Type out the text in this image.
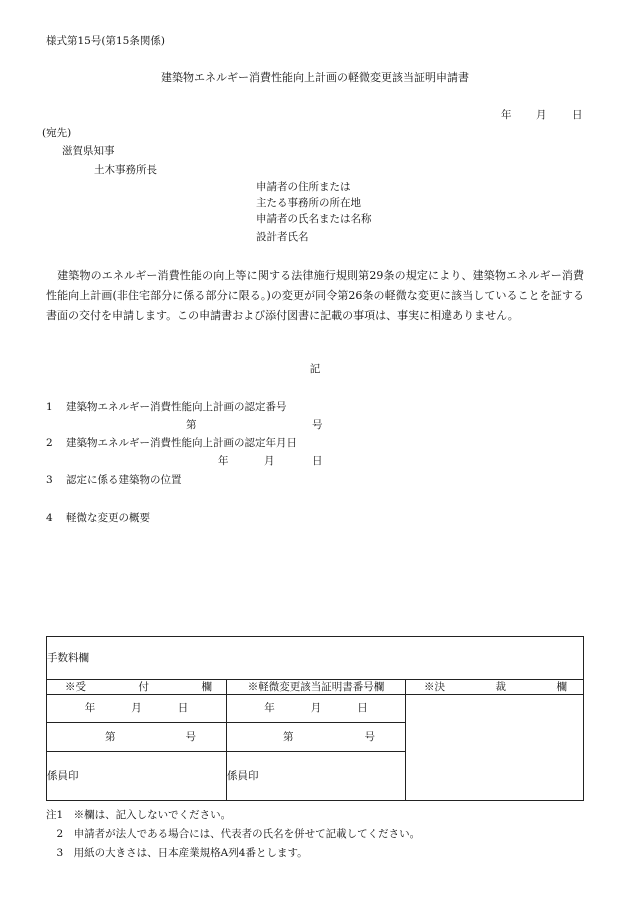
様式第15号(第15条関係)
建築物エネルギー消費性能向上計画の軽微変更該当証明申請書
年 月 日
(宛先)
滋賀県知事
土木事務所長
申請者の住所または
主たる事務所の所在地
申請者の氏名または名称
設計者氏名
建築物のエネルギー消費性能の向上等に関する法律施行規則第29条の規定により、建築物エネルギー消費性能向上計画(非住宅部分に係る部分に限る。)の変更が同令第26条の軽微な変更に該当していることを証する書面の交付を申請します。この申請書および添付図書に記載の事項は、事実に相違ありません。
記
1 建築物エネルギー消費性能向上計画の認定番号
第	号
2 建築物エネルギー消費性能向上計画の認定年月日
年	月	日
3 認定に係る建築物の位置
4 軽微な変更の概要
手数料欄		

※受 付 欄	※軽微変更該当証明書番号欄	※決 裁 欄

年 月 日	年 月 日	

第 号	第 号	

係員印	係員印	
注1　※欄は、記入しないでください。
　2　申請者が法人である場合には、代表者の氏名を併せて記載してください。
　3　用紙の大きさは、日本産業規格A列4番とします。
